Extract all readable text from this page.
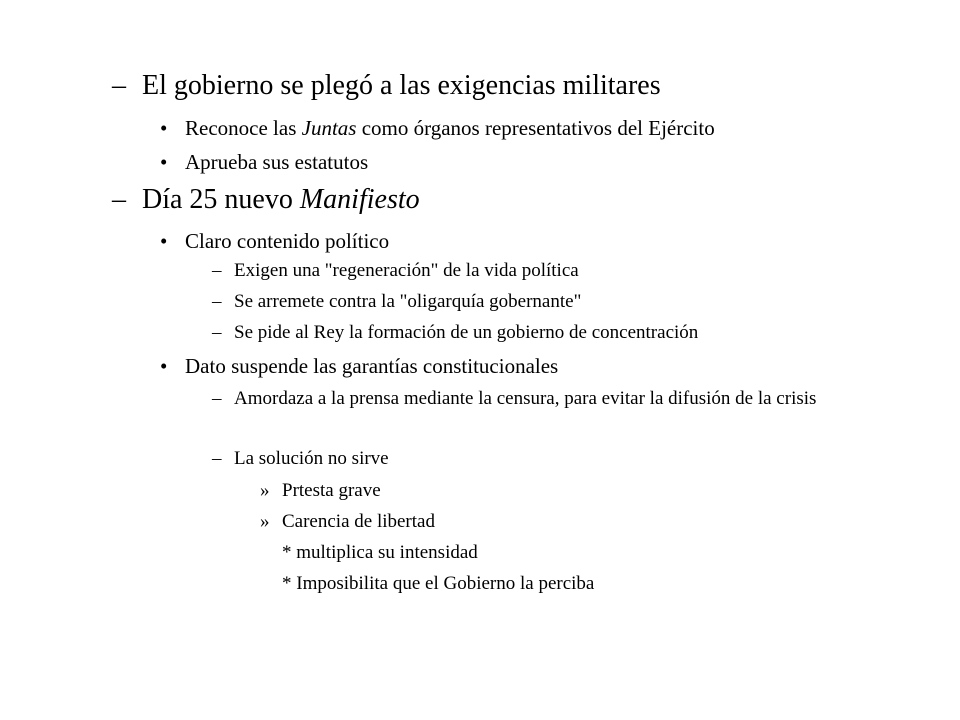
– El gobierno se plegó a las exigencias militares
• Reconoce las Juntas como órganos representativos del Ejército
• Aprueba sus estatutos
– Día 25 nuevo Manifiesto
• Claro contenido político
– Exigen una "regeneración" de la vida política
– Se arremete contra la "oligarquía gobernante"
– Se pide al Rey la formación de un gobierno de concentración
• Dato suspende las garantías constitucionales
– Amordaza a la prensa mediante la censura, para evitar la difusión de la crisis
– La solución no sirve
» Prtesta grave
» Carencia de libertad
* multiplica su intensidad
* Imposibilita que el Gobierno la perciba
